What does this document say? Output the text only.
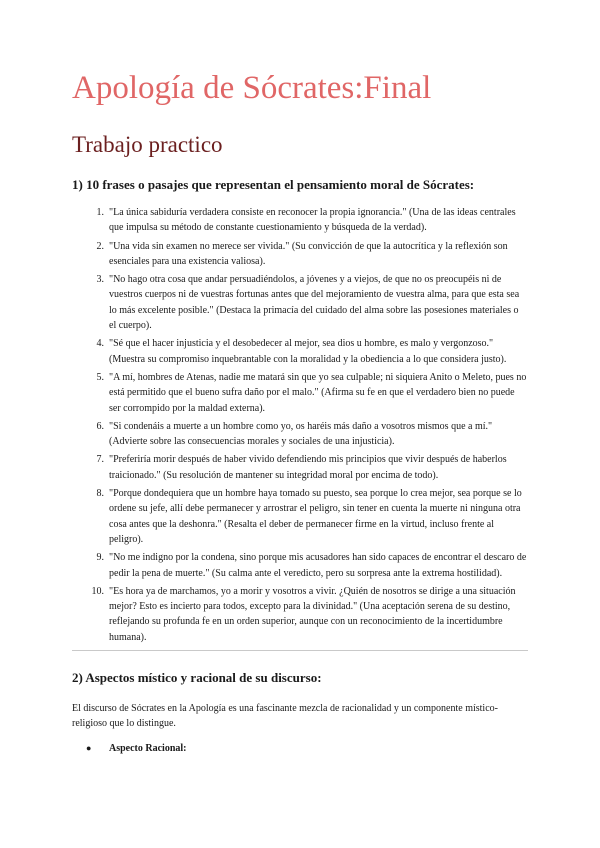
Apología de Sócrates:Final
Trabajo practico
1) 10 frases o pasajes que representan el pensamiento moral de Sócrates:
1. "La única sabiduría verdadera consiste en reconocer la propia ignorancia." (Una de las ideas centrales que impulsa su método de constante cuestionamiento y búsqueda de la verdad).
2. "Una vida sin examen no merece ser vivida." (Su convicción de que la autocrítica y la reflexión son esenciales para una existencia valiosa).
3. "No hago otra cosa que andar persuadiéndolos, a jóvenes y a viejos, de que no os preocupéis ni de vuestros cuerpos ni de vuestras fortunas antes que del mejoramiento de vuestra alma, para que esta sea lo más excelente posible." (Destaca la primacía del cuidado del alma sobre las posesiones materiales o el cuerpo).
4. "Sé que el hacer injusticia y el desobedecer al mejor, sea dios u hombre, es malo y vergonzoso." (Muestra su compromiso inquebrantable con la moralidad y la obediencia a lo que considera justo).
5. "A mí, hombres de Atenas, nadie me matará sin que yo sea culpable; ni siquiera Anito o Meleto, pues no está permitido que el bueno sufra daño por el malo." (Afirma su fe en que el verdadero bien no puede ser corrompido por la maldad externa).
6. "Si condenáis a muerte a un hombre como yo, os haréis más daño a vosotros mismos que a mí." (Advierte sobre las consecuencias morales y sociales de una injusticia).
7. "Preferiría morir después de haber vivido defendiendo mis principios que vivir después de haberlos traicionado." (Su resolución de mantener su integridad moral por encima de todo).
8. "Porque dondequiera que un hombre haya tomado su puesto, sea porque lo crea mejor, sea porque se lo ordene su jefe, allí debe permanecer y arrostrar el peligro, sin tener en cuenta la muerte ni ninguna otra cosa antes que la deshonra." (Resalta el deber de permanecer firme en la virtud, incluso frente al peligro).
9. "No me indigno por la condena, sino porque mis acusadores han sido capaces de encontrar el descaro de pedir la pena de muerte." (Su calma ante el veredicto, pero su sorpresa ante la extrema hostilidad).
10. "Es hora ya de marchamos, yo a morir y vosotros a vivir. ¿Quién de nosotros se dirige a una situación mejor? Esto es incierto para todos, excepto para la divinidad." (Una aceptación serena de su destino, reflejando su profunda fe en un orden superior, aunque con un reconocimiento de la incertidumbre humana).
2) Aspectos místico y racional de su discurso:

El discurso de Sócrates en la Apología es una fascinante mezcla de racionalidad y un componente místico-religioso que lo distingue.

● Aspecto Racional:
